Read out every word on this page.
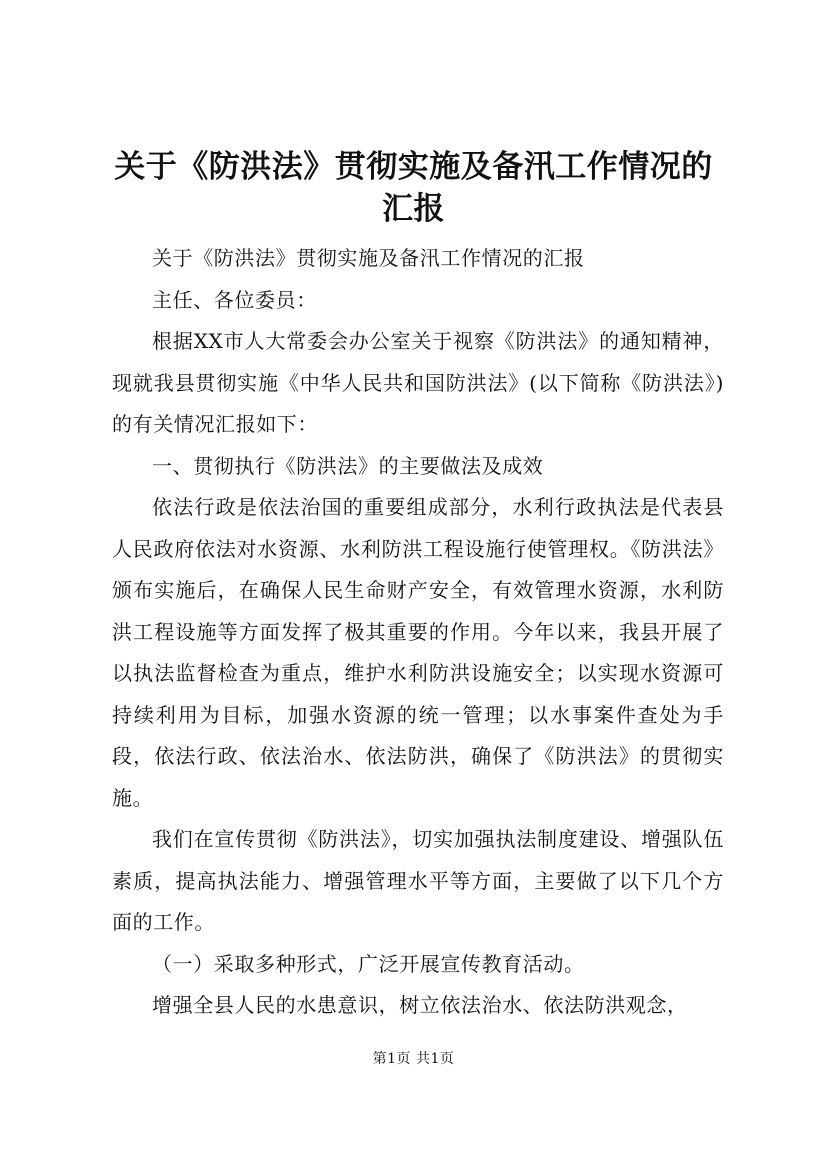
关于《防洪法》贯彻实施及备汛工作情况的汇报

关于《防洪法》贯彻实施及备汛工作情况的汇报

主任、各位委员：

根据XX市人大常委会办公室关于视察《防洪法》的通知精神，现就我县贯彻实施《中华人民共和国防洪法》(以下简称《防洪法》)的有关情况汇报如下：

一、贯彻执行《防洪法》的主要做法及成效

依法行政是依法治国的重要组成部分，水利行政执法是代表县人民政府依法对水资源、水利防洪工程设施行使管理权。《防洪法》颁布实施后，在确保人民生命财产安全，有效管理水资源，水利防洪工程设施等方面发挥了极其重要的作用。今年以来，我县开展了以执法监督检查为重点，维护水利防洪设施安全；以实现水资源可持续利用为目标，加强水资源的统一管理；以水事案件查处为手段，依法行政、依法治水、依法防洪，确保了《防洪法》的贯彻实施。

我们在宣传贯彻《防洪法》，切实加强执法制度建设、增强队伍素质，提高执法能力、增强管理水平等方面，主要做了以下几个方面的工作。

（一）采取多种形式，广泛开展宣传教育活动。

增强全县人民的水患意识，树立依法治水、依法防洪观念，

第1页 共1页
